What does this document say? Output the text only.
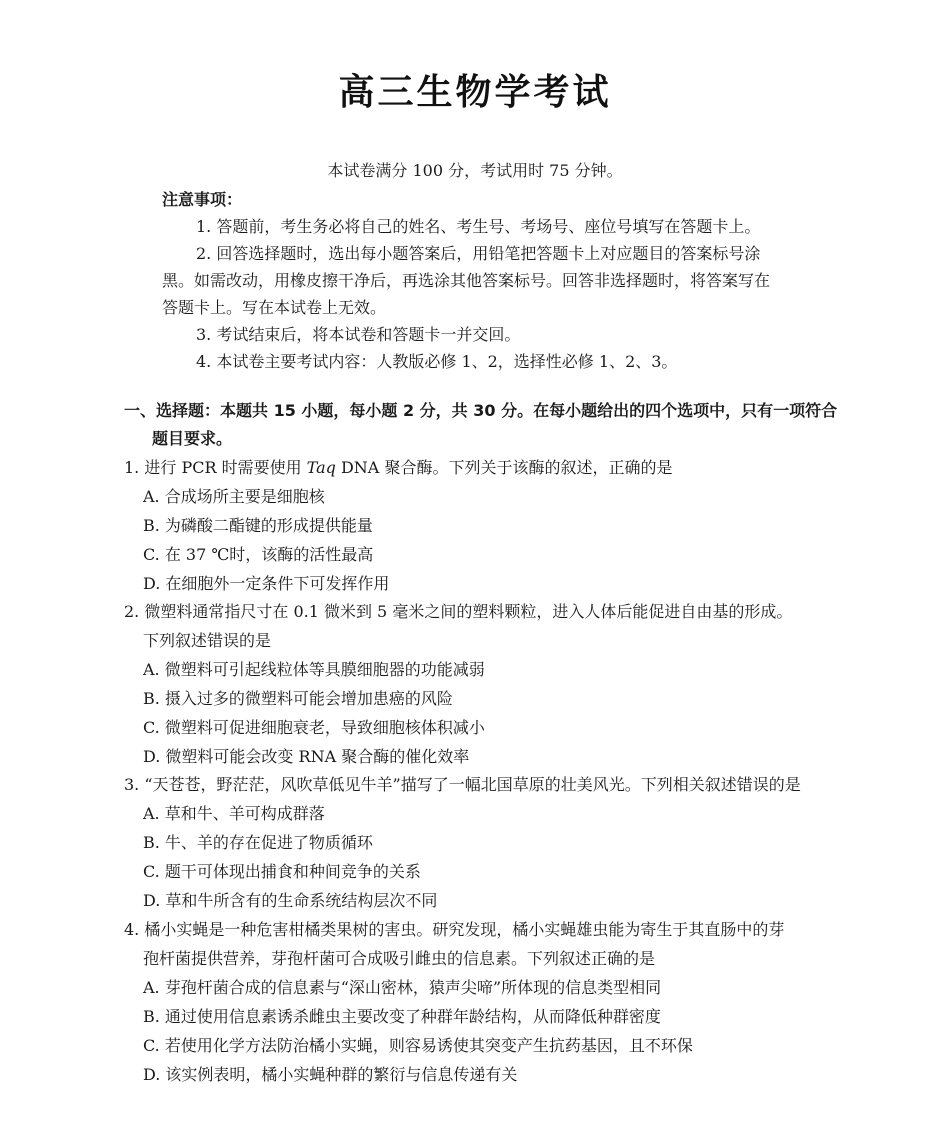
高三生物学考试
本试卷满分 100 分，考试用时 75 分钟。
注意事项：
1. 答题前，考生务必将自己的姓名、考生号、考场号、座位号填写在答题卡上。
2. 回答选择题时，选出每小题答案后，用铅笔把答题卡上对应题目的答案标号涂
黑。如需改动，用橡皮擦干净后，再选涂其他答案标号。回答非选择题时，将答案写在
答题卡上。写在本试卷上无效。
3. 考试结束后，将本试卷和答题卡一并交回。
4. 本试卷主要考试内容：人教版必修 1、2，选择性必修 1、2、3。
一、选择题：本题共 15 小题，每小题 2 分，共 30 分。在每小题给出的四个选项中，只有一项符合
题目要求。
1. 进行 PCR 时需要使用 Taq DNA 聚合酶。下列关于该酶的叙述，正确的是
A. 合成场所主要是细胞核
B. 为磷酸二酯键的形成提供能量
C. 在 37 ℃时，该酶的活性最高
D. 在细胞外一定条件下可发挥作用
2. 微塑料通常指尺寸在 0.1 微米到 5 毫米之间的塑料颗粒，进入人体后能促进自由基的形成。
下列叙述错误的是
A. 微塑料可引起线粒体等具膜细胞器的功能减弱
B. 摄入过多的微塑料可能会增加患癌的风险
C. 微塑料可促进细胞衰老，导致细胞核体积减小
D. 微塑料可能会改变 RNA 聚合酶的催化效率
3. “天苍苍，野茫茫，风吹草低见牛羊”描写了一幅北国草原的壮美风光。下列相关叙述错误的是
A. 草和牛、羊可构成群落
B. 牛、羊的存在促进了物质循环
C. 题干可体现出捕食和种间竞争的关系
D. 草和牛所含有的生命系统结构层次不同
4. 橘小实蝇是一种危害柑橘类果树的害虫。研究发现，橘小实蝇雄虫能为寄生于其直肠中的芽
孢杆菌提供营养，芽孢杆菌可合成吸引雌虫的信息素。下列叙述正确的是
A. 芽孢杆菌合成的信息素与“深山密林，猿声尖啼”所体现的信息类型相同
B. 通过使用信息素诱杀雌虫主要改变了种群年龄结构，从而降低种群密度
C. 若使用化学方法防治橘小实蝇，则容易诱使其突变产生抗药基因，且不环保
D. 该实例表明，橘小实蝇种群的繁衍与信息传递有关
